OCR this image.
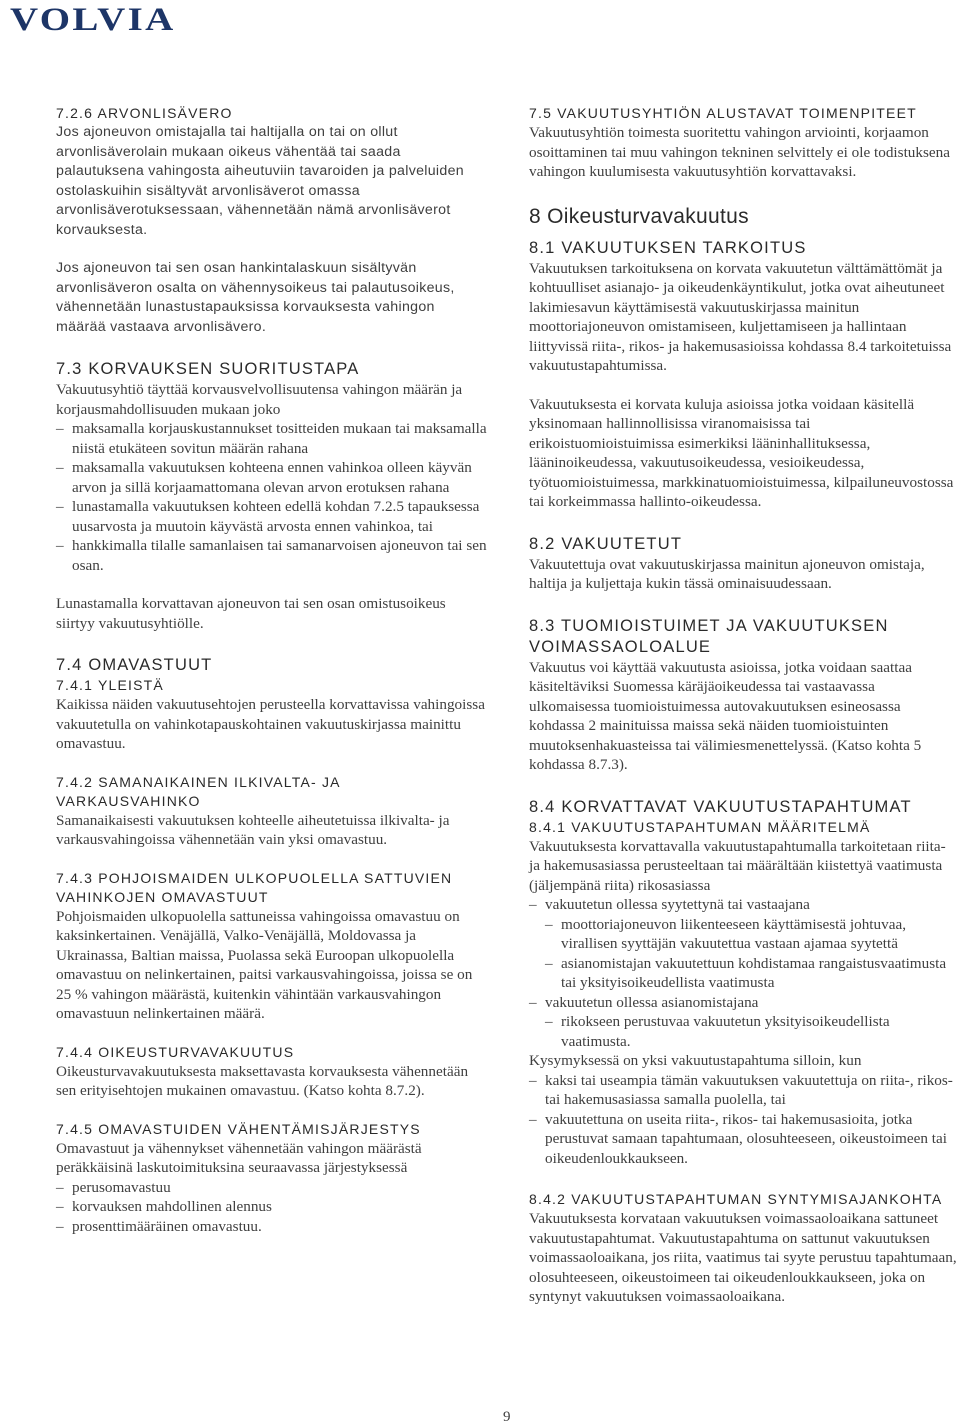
VOLVIA

7.2.6 ARVONLISÄVERO

Jos ajoneuvon omistajalla tai haltijalla on tai on ollut arvonlisäverolain mukaan oikeus vähentää tai saada palautuksena vahingosta aiheutuviin tavaroiden ja palveluiden ostolaskuihin sisältyvät arvonlisäverot omassa arvonlisäverotuksessaan, vähennetään nämä arvonlisäverot korvauksesta.

Jos ajoneuvon tai sen osan hankintalaskuun sisältyvän arvonlisäveron osalta on vähennysoikeus tai palautusoikeus, vähennetään lunastustapauksissa korvauksesta vahingon määrää vastaava arvonlisävero.

7.3 KORVAUKSEN SUORITUSTAPA

Vakuutusyhtiö täyttää korvausvelvollisuutensa vahingon määrän ja korjausmahdollisuuden mukaan joko

– maksamalla korjauskustannukset tositteiden mukaan tai maksamalla niistä etukäteen sovitun määrän rahana

– maksamalla vakuutuksen kohteena ennen vahinkoa olleen käyvän arvon ja sillä korjaamattomana olevan arvon erotuksen rahana

– lunastamalla vakuutuksen kohteen edellä kohdan 7.2.5 tapauksessa uusarvosta ja muutoin käyvästä arvosta ennen vahinkoa, tai

– hankkimalla tilalle samanlaisen tai samanarvoisen ajoneuvon tai sen osan.

Lunastamalla korvattavan ajoneuvon tai sen osan omistusoikeus siirtyy vakuutusyhtiölle.

7.4 OMAVASTUUT

7.4.1 YLEISTÄ

Kaikissa näiden vakuutusehtojen perusteella korvattavissa vahingoissa vakuutetulla on vahinkotapauskohtainen vakuutuskirjassa mainittu omavastuu.

7.4.2 SAMANAIKAINEN ILKIVALTA- JA VARKAUSVAHINKO

Samanaikaisesti vakuutuksen kohteelle aiheutetuissa ilkivalta- ja varkausvahingoissa vähennetään vain yksi omavastuu.

7.4.3 POHJOISMAIDEN ULKOPUOLELLA SATTUVIEN VAHINKOJEN OMAVASTUUT

Pohjoismaiden ulkopuolella sattuneissa vahingoissa omavastuu on kaksinkertainen. Venäjällä, Valko-Venäjällä, Moldovassa ja Ukrainassa, Baltian maissa, Puolassa sekä Euroopan ulkopuolella omavastuu on nelinkertainen, paitsi varkausvahingoissa, joissa se on 25 % vahingon määrästä, kuitenkin vähintään varkausvahingon omavastuun nelinkertainen määrä.

7.4.4 OIKEUSTURVAVAKUUTUS

Oikeusturvavakuutuksesta maksettavasta korvauksesta vähennetään sen erityisehtojen mukainen omavastuu. (Katso kohta 8.7.2).

7.4.5 OMAVASTUIDEN VÄHENTÄMISJÄRJESTYS

Omavastuut ja vähennykset vähennetään vahingon määrästä peräkkäisinä laskutoimituksina seuraavassa järjestyksessä

– perusomavastuu

– korvauksen mahdollinen alennus

– prosenttimääräinen omavastuu.

7.5 VAKUUTUSYHTIÖN ALUSTAVAT TOIMENPITEET

Vakuutusyhtiön toimesta suoritettu vahingon arviointi, korjaamon osoittaminen tai muu vahingon tekninen selvittely ei ole todistuksena vahingon kuulumisesta vakuutusyhtiön korvattavaksi.

8 Oikeusturvavakuutus

8.1 VAKUUTUKSEN TARKOITUS

Vakuutuksen tarkoituksena on korvata vakuutetun välttämättömät ja kohtuulliset asianajo- ja oikeudenkäyntikulut, jotka ovat aiheutuneet lakimiesavun käyttämisestä vakuutuskirjassa mainitun moottoriajoneuvon omistamiseen, kuljettamiseen ja hallintaan liittyvissä riita-, rikos- ja hakemusasioissa kohdassa 8.4 tarkoitetuissa vakuutustapahtumissa.

Vakuutuksesta ei korvata kuluja asioissa jotka voidaan käsitellä yksinomaan hallinnollisissa viranomaisissa tai erikoistuomioistuimissa esimerkiksi lääninhallituksessa, lääninoikeudessa, vakuutusoikeudessa, vesioikeudessa, työtuomioistuimessa, markkinatuomioistuimessa, kilpailuneuvostossa tai korkeimmassa hallinto-oikeudessa.

8.2 VAKUUTETUT

Vakuutettuja ovat vakuutuskirjassa mainitun ajoneuvon omistaja, haltija ja kuljettaja kukin tässä ominaisuudessaan.

8.3 TUOMIOISTUIMET JA VAKUUTUKSEN VOIMASSAOLOALUE

Vakuutus voi käyttää vakuutusta asioissa, jotka voidaan saattaa käsiteltäviksi Suomessa käräjäoikeudessa tai vastaavassa ulkomaisessa tuomioistuimessa autovakuutuksen esineosassa kohdassa 2 mainituissa maissa sekä näiden tuomioistuinten muutoksenhakuasteissa tai välimiesmenettelyssä. (Katso kohta 5 kohdassa 8.7.3).

8.4 KORVATTAVAT VAKUUTUSTAPAHTUMAT

8.4.1 VAKUUTUSTAPAHTUMAN MÄÄRITELMÄ

Vakuutuksesta korvattavalla vakuutustapahtumalla tarkoitetaan riita- ja hakemusasiassa perusteeltaan tai määrältään kiistettyä vaatimusta (jäljempänä riita) rikosasiassa

– vakuutetun ollessa syytettynä tai vastaajana

– moottoriajoneuvon liikenteeseen käyttämisestä johtuvaa, virallisen syyttäjän vakuutettua vastaan ajamaa syytettä

– asianomistajan vakuutettuun kohdistamaa rangaistusvaatimusta tai yksityisoikeudellista vaatimusta

– vakuutetun ollessa asianomistajana

– rikokseen perustuvaa vakuutetun yksityisoikeudellista vaatimusta.

Kysymyksessä on yksi vakuutustapahtuma silloin, kun

– kaksi tai useampia tämän vakuutuksen vakuutettuja on riita-, rikos- tai hakemusasiassa samalla puolella, tai

– vakuutettuna on useita riita-, rikos- tai hakemusasioita, jotka perustuvat samaan tapahtumaan, olosuhteeseen, oikeustoimeen tai oikeudenloukkaukseen.

8.4.2 VAKUUTUSTAPAHTUMAN SYNTYMISAJANKOHTA

Vakuutuksesta korvataan vakuutuksen voimassaoloaikana sattuneet vakuutustapahtumat. Vakuutustapahtuma on sattunut vakuutuksen voimassaoloaikana, jos riita, vaatimus tai syyte perustuu tapahtumaan, olosuhteeseen, oikeustoimeen tai oikeudenloukkaukseen, joka on syntynyt vakuutuksen voimassaoloaikana.

9
